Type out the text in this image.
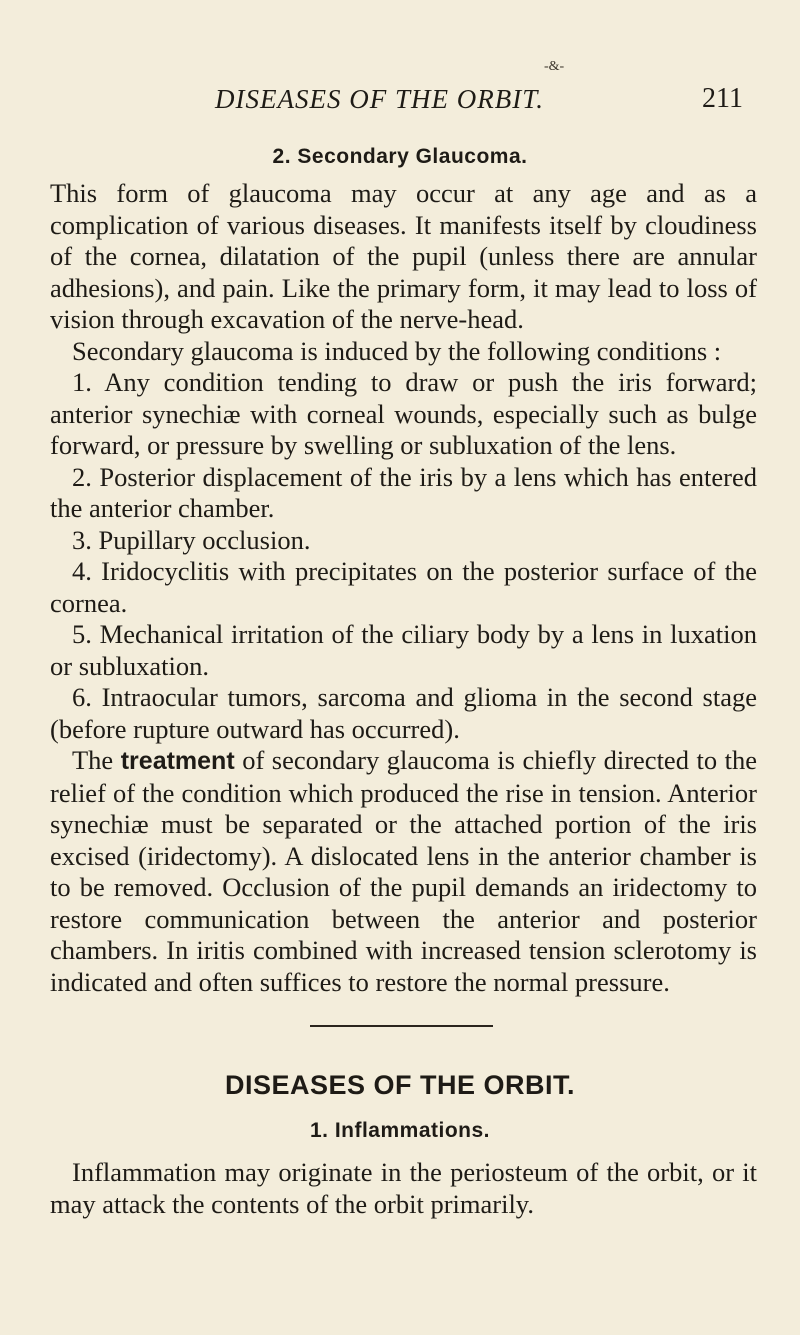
-&-
DISEASES OF THE ORBIT.	211
2. Secondary Glaucoma.

This form of glaucoma may occur at any age and as a complication of various diseases. It manifests itself by cloudiness of the cornea, dilatation of the pupil (unless there are annular adhesions), and pain. Like the primary form, it may lead to loss of vision through excavation of the nerve-head.

Secondary glaucoma is induced by the following conditions :

1. Any condition tending to draw or push the iris forward; anterior synechiæ with corneal wounds, especially such as bulge forward, or pressure by swelling or subluxation of the lens.

2. Posterior displacement of the iris by a lens which has entered the anterior chamber.

3. Pupillary occlusion.

4. Iridocyclitis with precipitates on the posterior surface of the cornea.

5. Mechanical irritation of the ciliary body by a lens in luxation or subluxation.

6. Intraocular tumors, sarcoma and glioma in the second stage (before rupture outward has occurred).

The treatment of secondary glaucoma is chiefly directed to the relief of the condition which produced the rise in tension. Anterior synechiæ must be separated or the attached portion of the iris excised (iridectomy). A dislocated lens in the anterior chamber is to be removed. Occlusion of the pupil demands an iridectomy to restore communication between the anterior and posterior chambers. In iritis combined with increased tension sclerotomy is indicated and often suffices to restore the normal pressure.

DISEASES OF THE ORBIT.
1. Inflammations.

Inflammation may originate in the periosteum of the orbit, or it may attack the contents of the orbit primarily.
